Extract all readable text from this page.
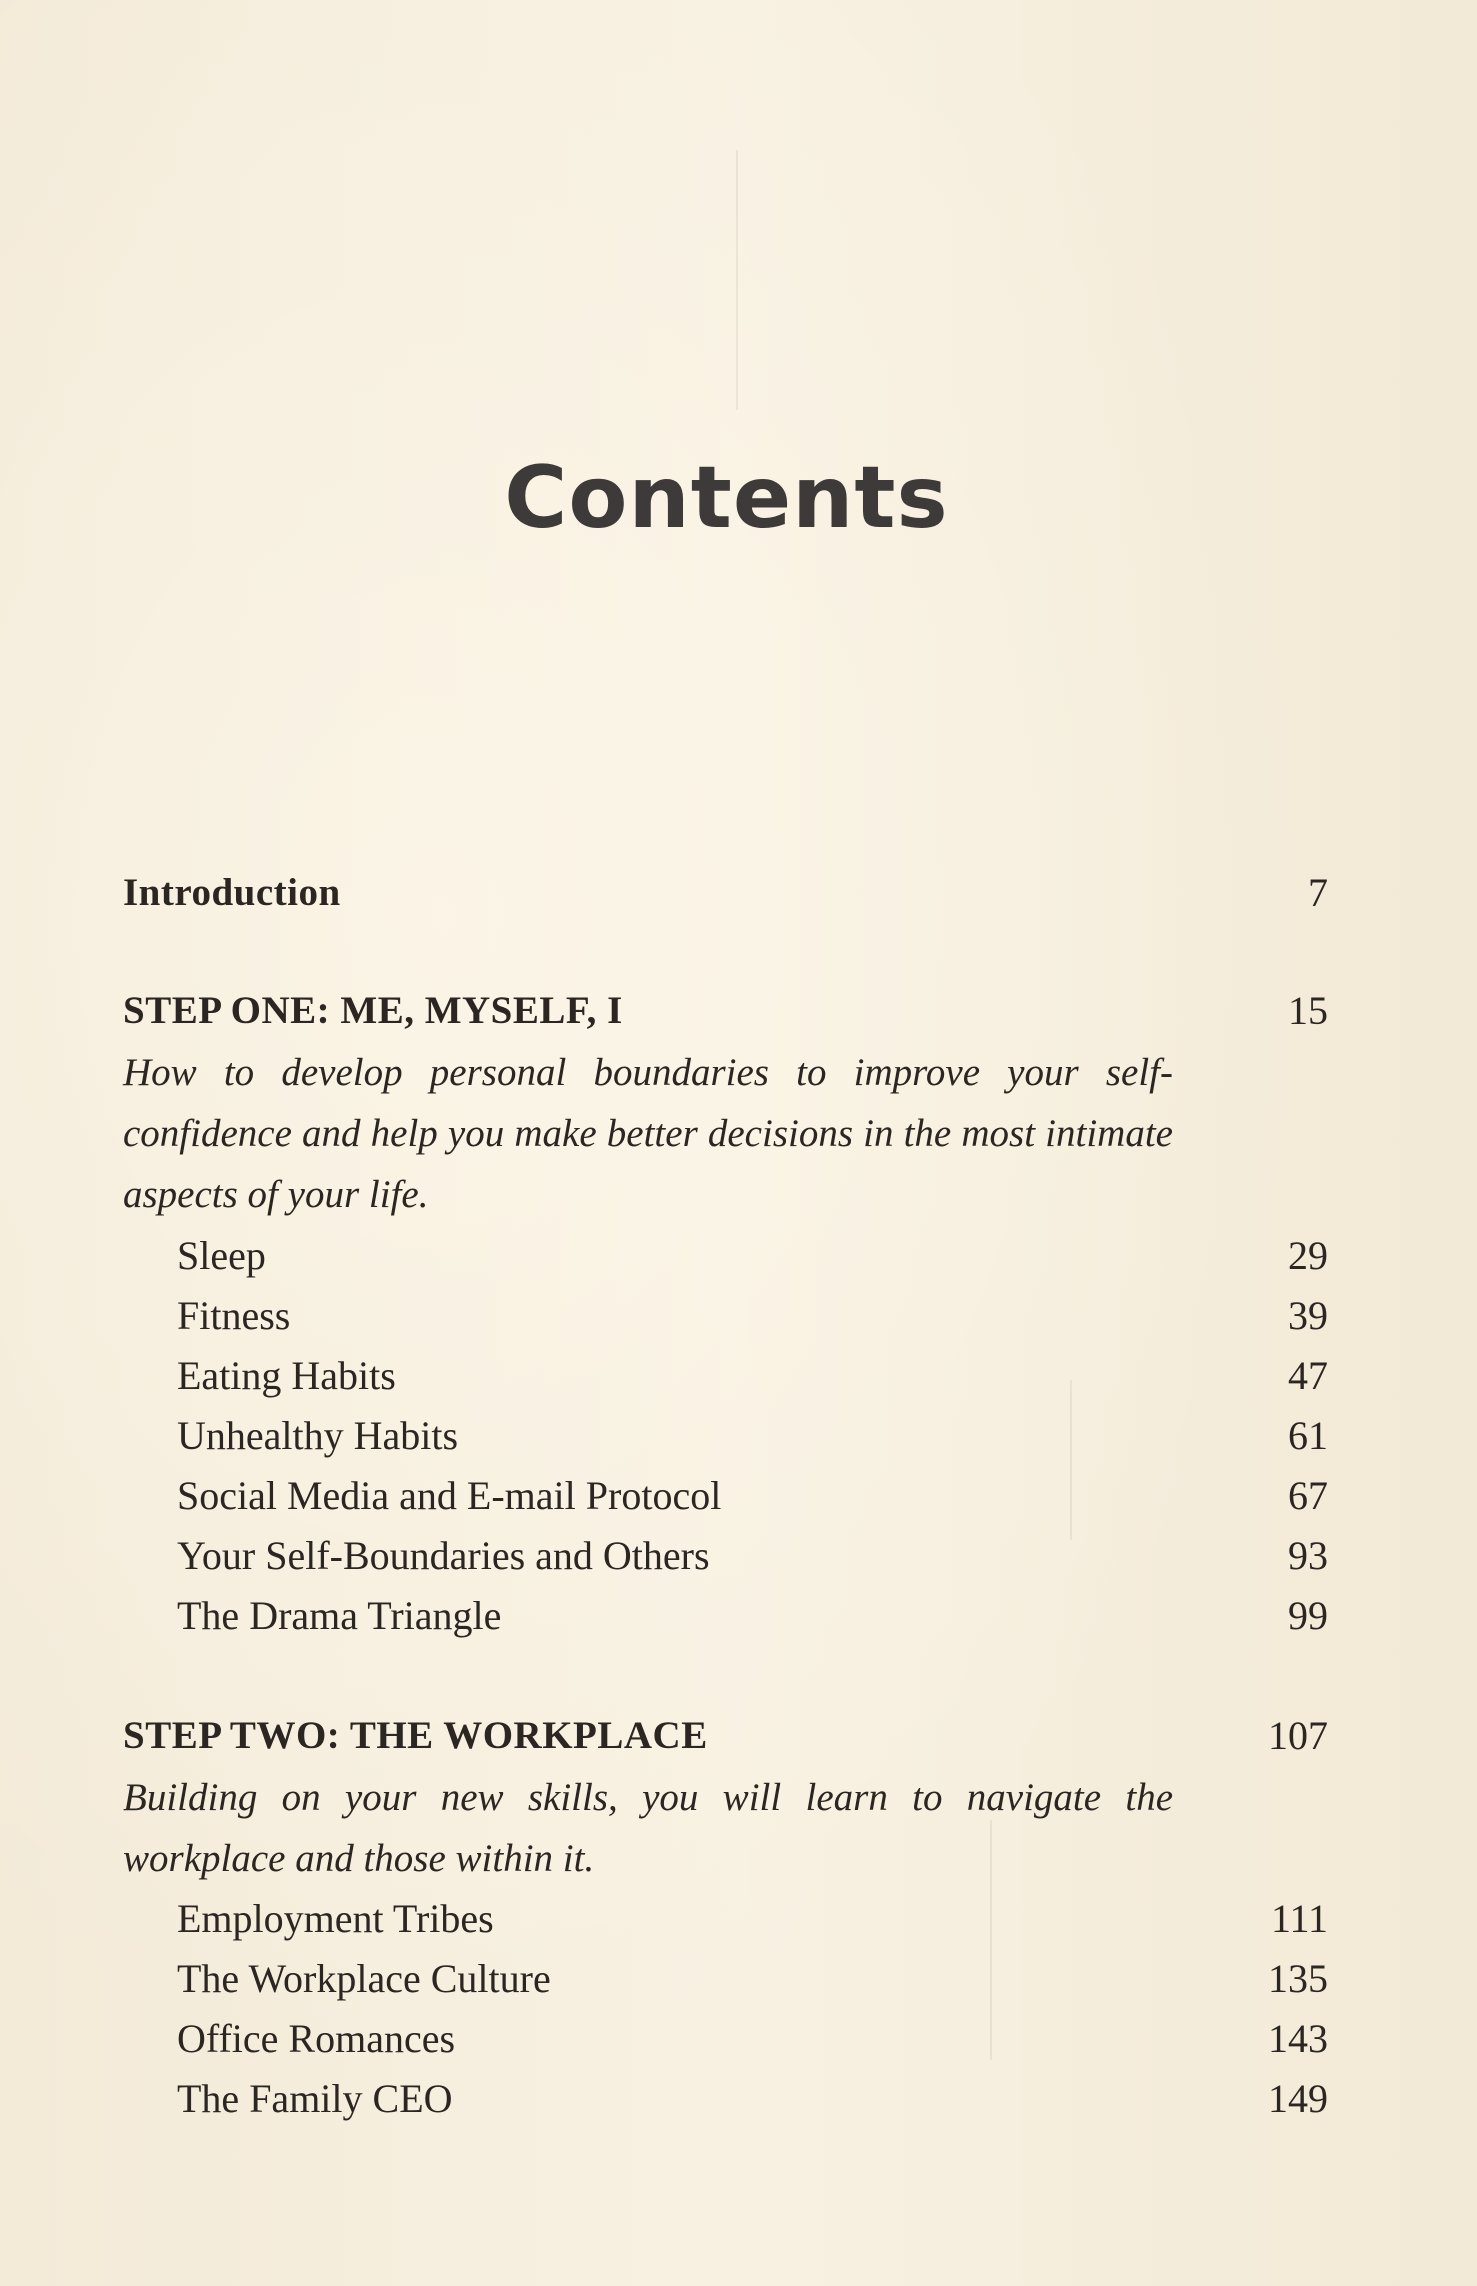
Contents
Introduction	7
STEP ONE: ME, MYSELF, I	15
How to develop personal boundaries to improve your self-confidence and help you make better decisions in the most intimate aspects of your life.
Sleep	29
Fitness	39
Eating Habits	47
Unhealthy Habits	61
Social Media and E-mail Protocol	67
Your Self-Boundaries and Others	93
The Drama Triangle	99
STEP TWO: THE WORKPLACE	107
Building on your new skills, you will learn to navigate the workplace and those within it.
Employment Tribes	111
The Workplace Culture	135
Office Romances	143
The Family CEO	149
